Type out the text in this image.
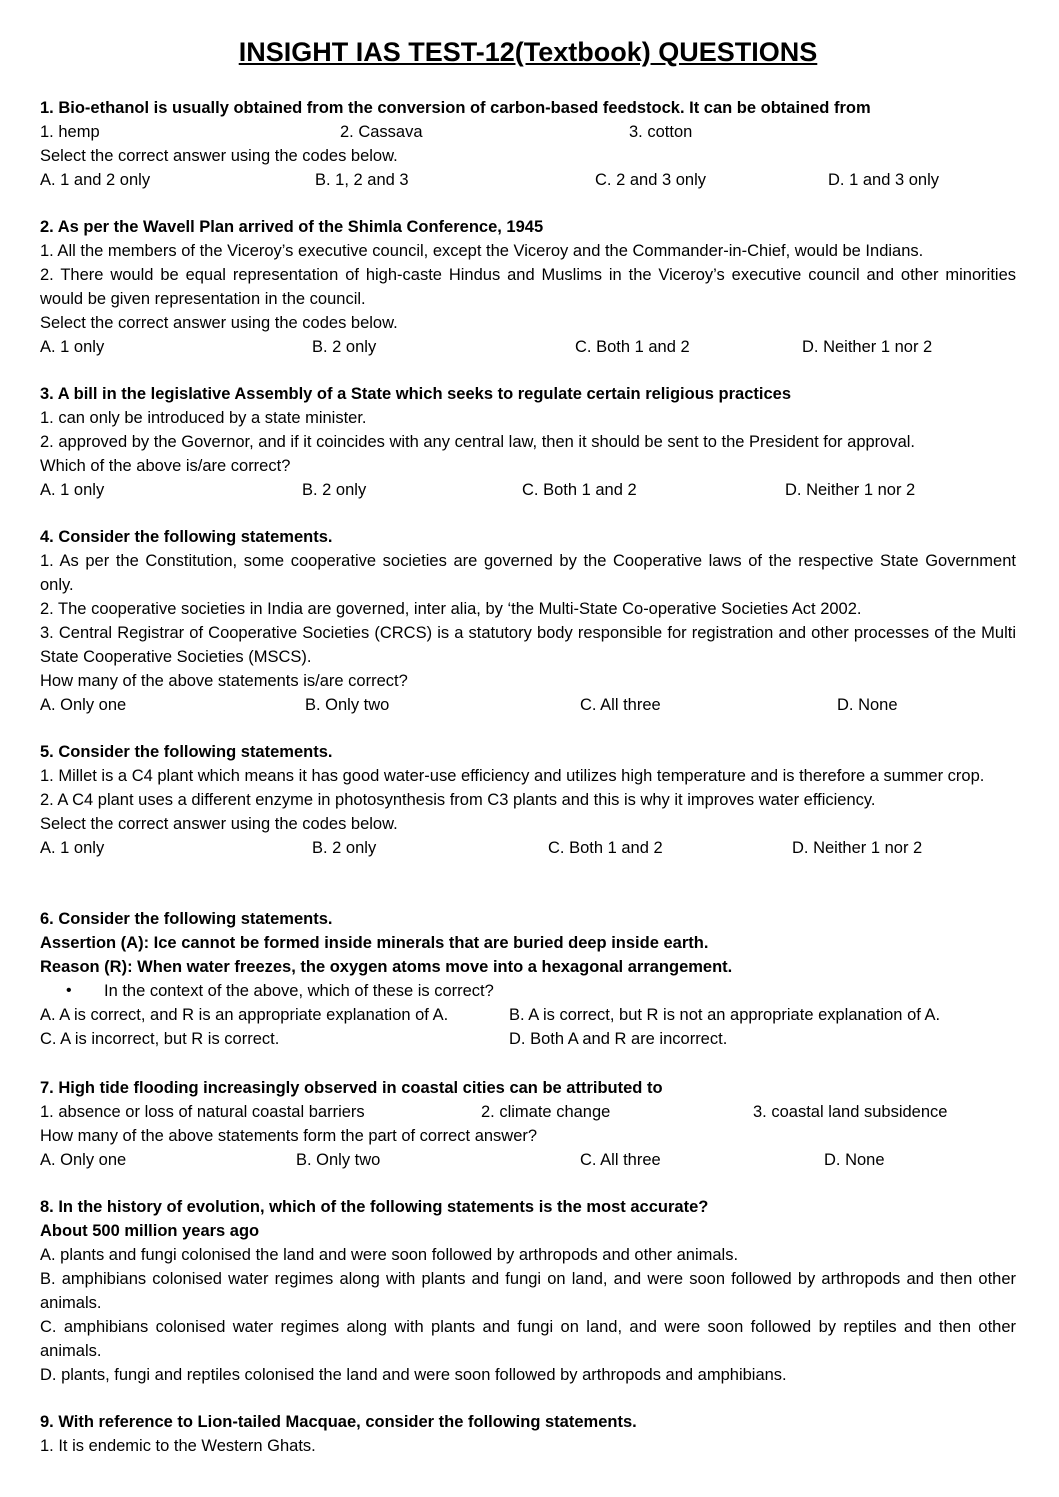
INSIGHT IAS TEST-12(Textbook) QUESTIONS
1. Bio-ethanol is usually obtained from the conversion of carbon-based feedstock. It can be obtained from
1. hemp	2. Cassava	3. cotton
Select the correct answer using the codes below.
A. 1 and 2 only	B. 1, 2 and 3	C. 2 and 3 only	D. 1 and 3 only
2. As per the Wavell Plan arrived of the Shimla Conference, 1945
1. All the members of the Viceroy’s executive council, except the Viceroy and the Commander-in-Chief, would be Indians.
2. There would be equal representation of high-caste Hindus and Muslims in the Viceroy’s executive council and other minorities would be given representation in the council.
Select the correct answer using the codes below.
A. 1 only	B. 2 only	C. Both 1 and 2	D. Neither 1 nor 2
3. A bill in the legislative Assembly of a State which seeks to regulate certain religious practices
1. can only be introduced by a state minister.
2. approved by the Governor, and if it coincides with any central law, then it should be sent to the President for approval.
Which of the above is/are correct?
A. 1 only	B. 2 only	C. Both 1 and 2	D. Neither 1 nor 2
4. Consider the following statements.
1. As per the Constitution, some cooperative societies are governed by the Cooperative laws of the respective State Government only.
2. The cooperative societies in India are governed, inter alia, by ‘the Multi-State Co-operative Societies Act 2002.
3. Central Registrar of Cooperative Societies (CRCS) is a statutory body responsible for registration and other processes of the Multi State Cooperative Societies (MSCS).
How many of the above statements is/are correct?
A. Only one	B. Only two	C. All three	D. None
5. Consider the following statements.
1. Millet is a C4 plant which means it has good water-use efficiency and utilizes high temperature and is therefore a summer crop.
2. A C4 plant uses a different enzyme in photosynthesis from C3 plants and this is why it improves water efficiency.
Select the correct answer using the codes below.
A. 1 only	B. 2 only	C. Both 1 and 2	D. Neither 1 nor 2
6. Consider the following statements.
Assertion (A): Ice cannot be formed inside minerals that are buried deep inside earth.
Reason (R): When water freezes, the oxygen atoms move into a hexagonal arrangement.
• In the context of the above, which of these is correct?
A. A is correct, and R is an appropriate explanation of A.	B. A is correct, but R is not an appropriate explanation of A.
C. A is incorrect, but R is correct.	D. Both A and R are incorrect.
7. High tide flooding increasingly observed in coastal cities can be attributed to
1. absence or loss of natural coastal barriers	2. climate change	3. coastal land subsidence
How many of the above statements form the part of correct answer?
A. Only one	B. Only two	C. All three	D. None
8. In the history of evolution, which of the following statements is the most accurate?
About 500 million years ago
A. plants and fungi colonised the land and were soon followed by arthropods and other animals.
B. amphibians colonised water regimes along with plants and fungi on land, and were soon followed by arthropods and then other animals.
C. amphibians colonised water regimes along with plants and fungi on land, and were soon followed by reptiles and then other animals.
D. plants, fungi and reptiles colonised the land and were soon followed by arthropods and amphibians.
9. With reference to Lion-tailed Macquae, consider the following statements.
1. It is endemic to the Western Ghats.
